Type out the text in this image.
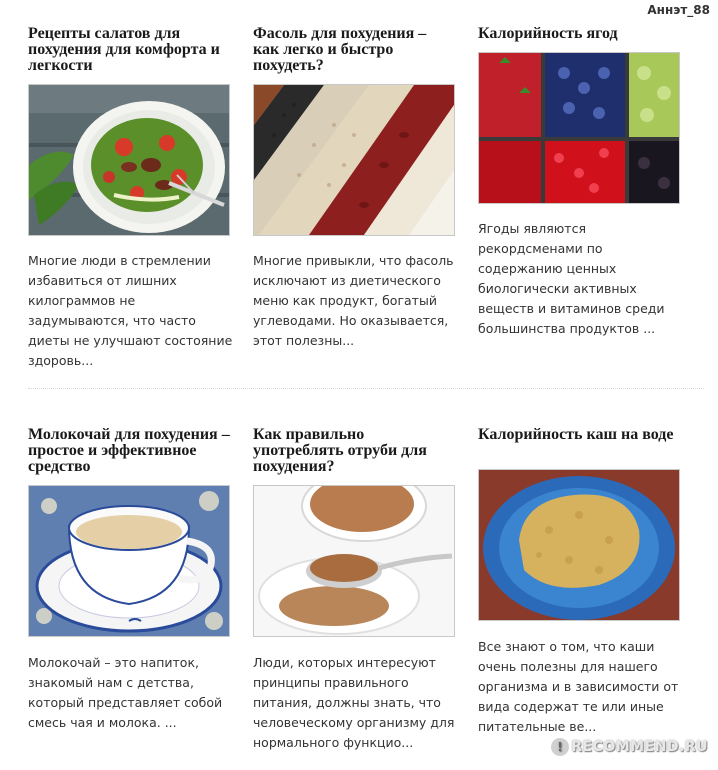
Аннэт_88
Рецепты салатов для похудения для комфорта и легкости
Многие люди в стремлении избавиться от лишних килограммов не задумываются, что часто диеты не улучшают состояние здоровь...
Фасоль для похудения – как легко и быстро похудеть?
Многие привыкли, что фасоль исключают из диетического меню как продукт, богатый углеводами. Но оказывается, этот полезны...
Калорийность ягод
Ягоды являются рекордсменами по содержанию ценных биологически активных веществ и витаминов среди большинства продуктов ...
Молокочай для похудения – простое и эффективное средство
Молокочай – это напиток, знакомый нам с детства, который представляет собой смесь чая и молока. ...
Как правильно употреблять отруби для похудения?
Люди, которых интересуют принципы правильного питания, должны знать, что человеческому организму для нормального функцио...
Калорийность каш на воде
Все знают о том, что каши очень полезны для нашего организма и в зависимости от вида содержат те или иные питательные ве...
! RECOMMEND.RU
